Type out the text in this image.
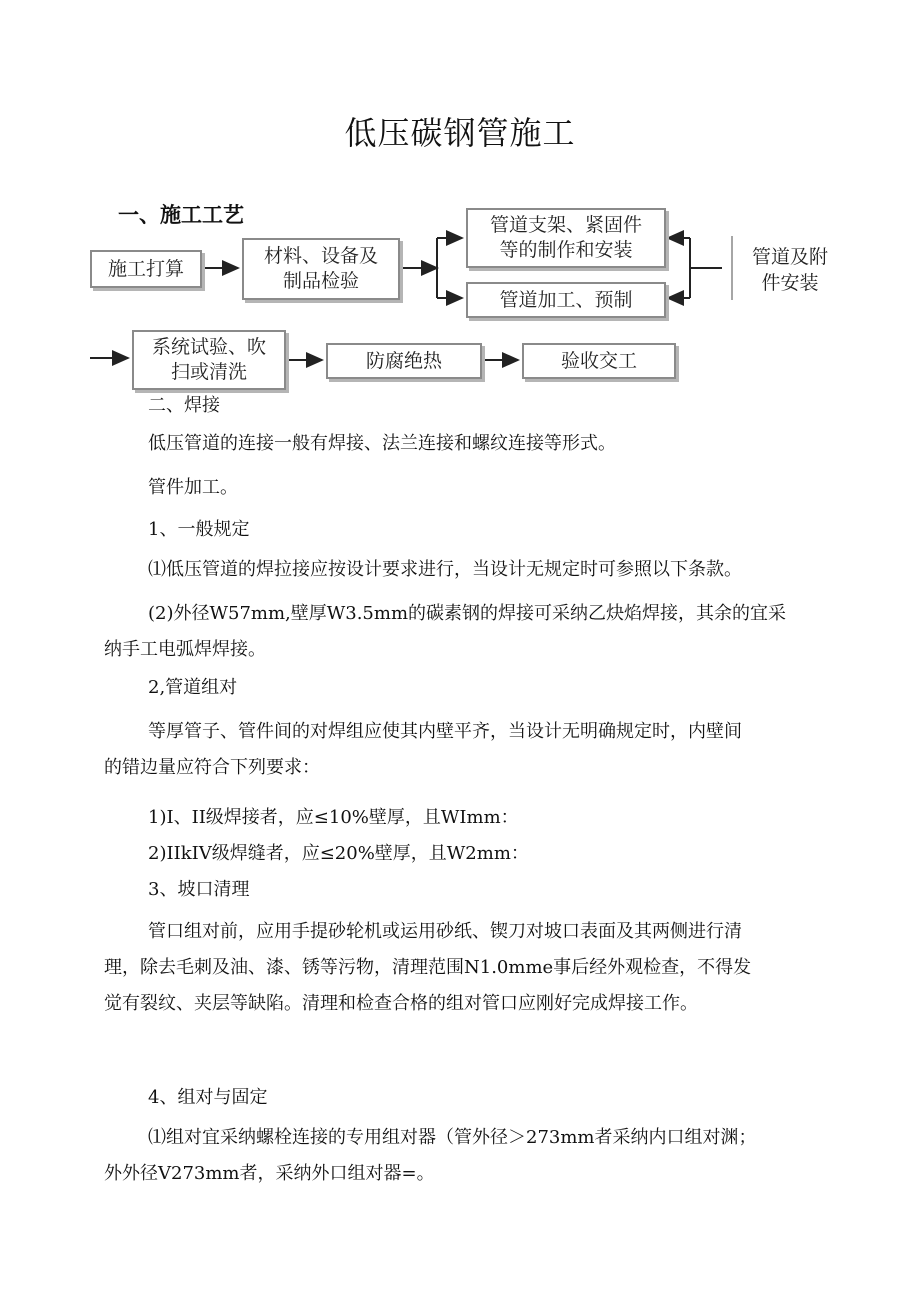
低压碳钢管施工
一、施工工艺
施工打算
材料、设备及
制品检验
管道支架、紧固件
等的制作和安装
管道加工、预制
管道及附
件安装
系统试验、吹
扫或清洗
防腐绝热	验收交工
二、焊接
低压管道的连接一般有焊接、法兰连接和螺纹连接等形式。
管件加工。
1、一般规定
⑴低压管道的焊拉接应按设计要求进行，当设计无规定时可参照以下条款。
(2)外径W57mm,壁厚W3.5mm的碳素钢的焊接可采纳乙炔焰焊接，其余的宜采
纳手工电弧焊焊接。
2,管道组对
等厚管子、管件间的对焊组应使其内壁平齐，当设计无明确规定时，内壁间
的错边量应符合下列要求：
1)I、II级焊接者，应≤10%壁厚，且WImm：
2)IIkIV级焊缝者，应≤20%壁厚，且W2mm：
3、坡口清理
管口组对前，应用手提砂轮机或运用砂纸、锲刀对坡口表面及其两侧进行清
理，除去毛刺及油、漆、锈等污物，清理范围N1.0mme事后经外观检查，不得发
觉有裂纹、夹层等缺陷。清理和检查合格的组对管口应刚好完成焊接工作。
4、组对与固定
⑴组对宜采纳螺栓连接的专用组对器（管外径＞273mm者采纳内口组对渊；
外外径V273mm者，采纳外口组对器=。
